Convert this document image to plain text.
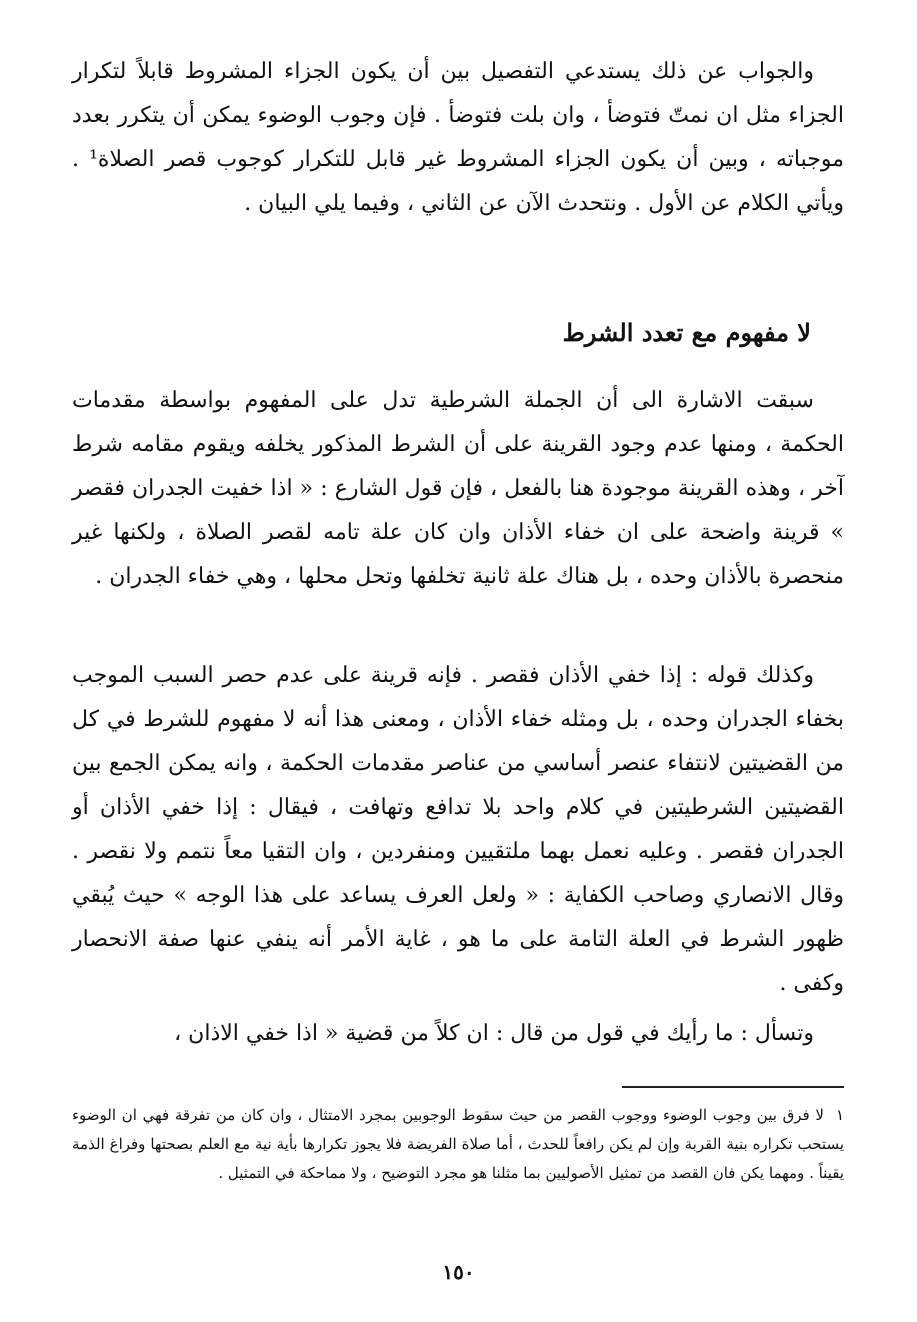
والجواب عن ذلك يستدعي التفصيل بين أن يكون الجزاء المشروط قابلاً لتكرار الجزاء مثل ان نمتّ فتوضأ ، وان بلت فتوضأ . فإن وجوب الوضوء يمكن أن يتكرر بعدد موجباته ، وبين أن يكون الجزاء المشروط غير قابل للتكرار كوجوب قصر الصلاة¹ . ويأتي الكلام عن الأول . ونتحدث الآن عن الثاني ، وفيما يلي البيان .

لا مفهوم مع تعدد الشرط

سبقت الاشارة الى أن الجملة الشرطية تدل على المفهوم بواسطة مقدمات الحكمة ، ومنها عدم وجود القرينة على أن الشرط المذكور يخلفه ويقوم مقامه شرط آخر ، وهذه القرينة موجودة هنا بالفعل ، فإن قول الشارع : « اذا خفيت الجدران فقصر » قرينة واضحة على ان خفاء الأذان وان كان علة تامه لقصر الصلاة ، ولكنها غير منحصرة بالأذان وحده ، بل هناك علة ثانية تخلفها وتحل محلها ، وهي خفاء الجدران .

وكذلك قوله : إذا خفي الأذان فقصر . فإنه قرينة على عدم حصر السبب الموجب بخفاء الجدران وحده ، بل ومثله خفاء الأذان ، ومعنى هذا أنه لا مفهوم للشرط في كل من القضيتين لانتفاء عنصر أساسي من عناصر مقدمات الحكمة ، وانه يمكن الجمع بين القضيتين الشرطيتين في كلام واحد بلا تدافع وتهافت ، فيقال : إذا خفي الأذان أو الجدران فقصر . وعليه نعمل بهما ملتقيين ومنفردين ، وان التقيا معاً نتمم ولا نقصر . وقال الانصاري وصاحب الكفاية : « ولعل العرف يساعد على هذا الوجه » حيث يُبقي ظهور الشرط في العلة التامة على ما هو ، غاية الأمر أنه ينفي عنها صفة الانحصار وكفى .

وتسأل : ما رأيك في قول من قال : ان كلاً من قضية « اذا خفي الاذان ،

١لا فرق بين وجوب الوضوء ووجوب القصر من حيث سقوط الوجوبين بمجرد الامتثال ، وان كان من تفرقة فهي ان الوضوء يستحب تكراره بنية القربة وإن لم يكن رافعاً للحدث ، أما صلاة الفريضة فلا يجوز تكرارها بأية نية مع العلم بصحتها وفراغ الذمة يقيناً . ومهما يكن فان القصد من تمثيل الأصوليين بما مثلنا هو مجرد التوضيح ، ولا مماحكة في التمثيل .

١٥٠
